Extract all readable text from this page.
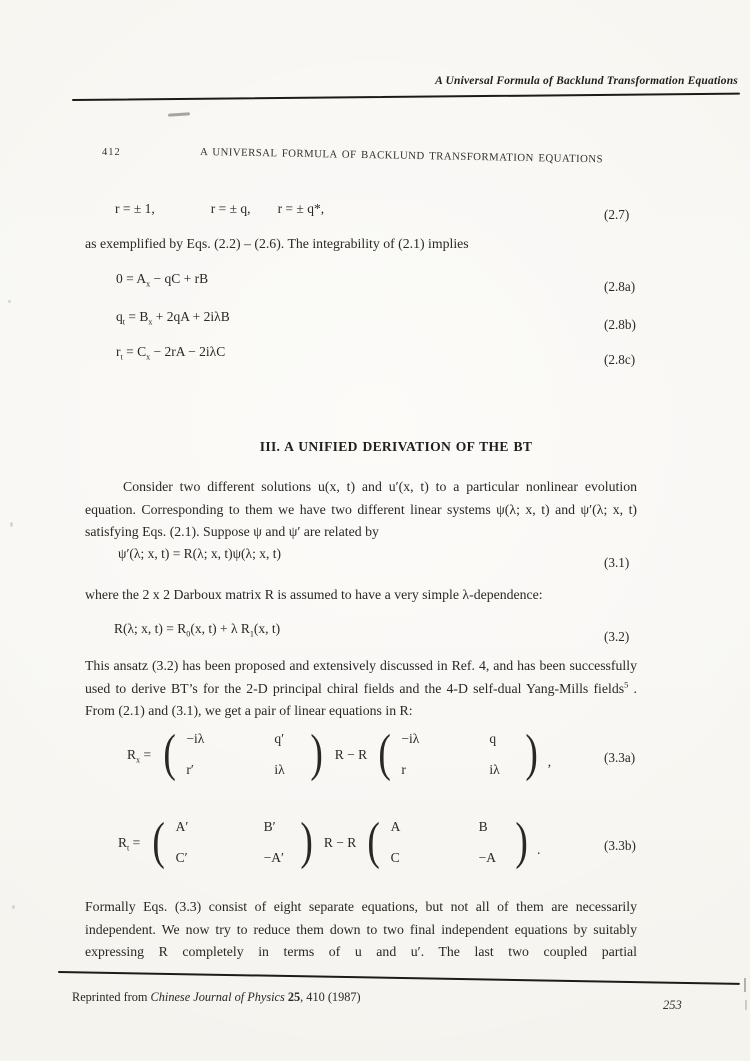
A Universal Formula of Backlund Transformation Equations
412	A UNIVERSAL FORMULA OF BACKLUND TRANSFORMATION EQUATIONS
r = ± 1,	r = ± q, r = ± q*,	(2.7)
as exemplified by Eqs. (2.2) – (2.6). The integrability of (2.1) implies
$0 = A_x$ − qC + rB
(2.8a)
$q_t = B_x + 2qA + 2i\lambda B$
(2.8b)
$r_t = C_x - 2rA - 2i\lambda C$
(2.8c)
III. A UNIFIED DERIVATION OF THE BT
Consider two different solutions u(x, t) and u′(x, t) to a particular nonlinear evolution equation. Corresponding to them we have two different linear systems ψ(λ; x, t) and ψ′(λ; x, t) satisfying Eqs. (2.1). Suppose ψ and ψ′ are related by
ψ′(λ; x, t) = R(λ; x, t)ψ(λ; x, t)
(3.1)
where the 2 x 2 Darboux matrix R is assumed to have a very simple λ-dependence:
R(λ; x, $t) = R_0(x$, t) + λ $R_1(x$, t)
(3.2)
This ansatz (3.2) has been proposed and extensively discussed in Ref. 4, and has been successfully used to derive BT’s for the 2-D principal chiral fields and the 4-D self-dual Yang-Mills fields$^5$ . From (2.1) and (3.1), we get a pair of linear equations in R:
$R_x$ = ( −iλ	q′
r′	iλ ) R − R ( −iλ	q
r	iλ ) ,	(3.3a)
$R_t$ = ( A′	B′
C′	−A′ ) R − R ( A	B
C	−A ) .	(3.3b)
Formally Eqs. (3.3) consist of eight separate equations, but not all of them are necessarily independent. We now try to reduce them down to two final independent equations by suitably expressing R completely in terms of u and u′. The last two coupled partial
Reprinted from Chinese Journal of Physics 25, 410 (1987)
253
